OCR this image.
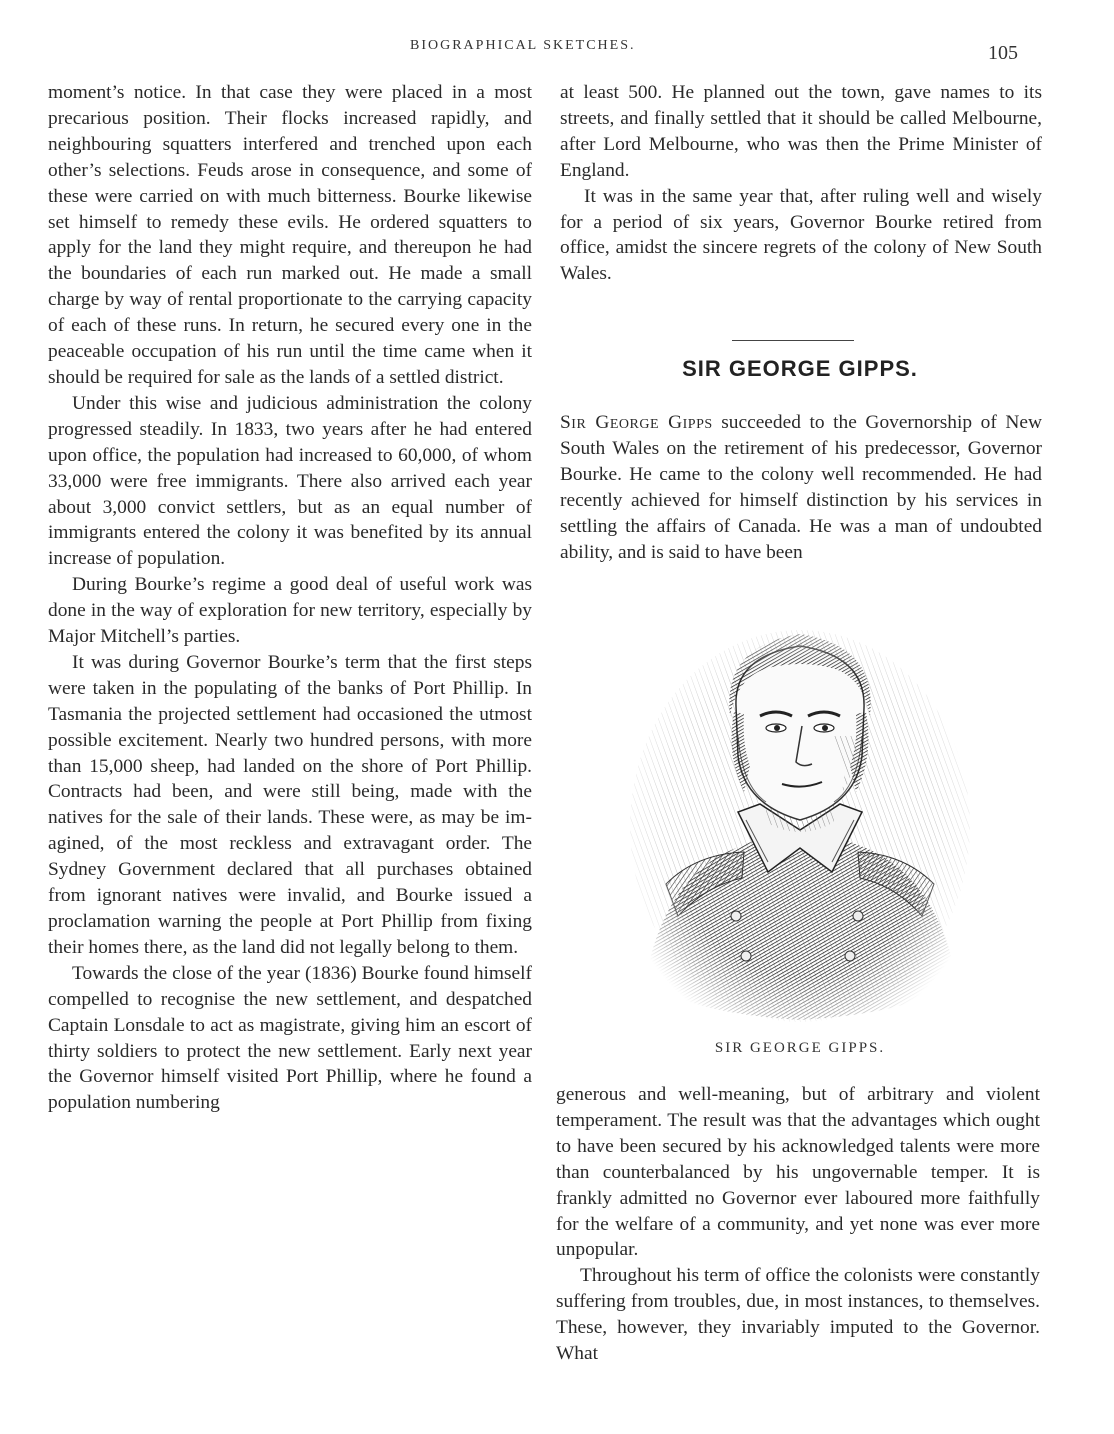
BIOGRAPHICAL SKETCHES.	105

moment’s notice. In that case they were placed in a most precarious position. Their flocks increased rapidly, and neighbouring squatters interfered and trenched upon each other’s selections. Feuds arose in consequence, and some of these were carried on with much bitterness. Bourke likewise set himself to remedy these evils. He ordered squatters to apply for the land they might require, and thereupon he had the boundaries of each run marked out. He made a small charge by way of rental proportionate to the carrying capacity of each of these runs. In return, he secured every one in the peaceable occupation of his run until the time came when it should be required for sale as the lands of a settled district.

Under this wise and judicious administration the colony progressed steadily. In 1833, two years after he had entered upon office, the population had increased to 60,000, of whom 33,000 were free immigrants. There also arrived each year about 3,000 convict settlers, but as an equal number of immigrants entered the colony it was benefited by its annual increase of population.

During Bourke’s regime a good deal of useful work was done in the way of exploration for new territory, especially by Major Mitchell’s parties.

It was during Governor Bourke’s term that the first steps were taken in the populating of the banks of Port Phillip. In Tasmania the projected settlement had occasioned the utmost possible excitement. Nearly two hundred persons, with more than 15,000 sheep, had landed on the shore of Port Phillip. Contracts had been, and were still being, made with the natives for the sale of their lands. These were, as may be imagined, of the most reckless and extravagant order. The Sydney Government declared that all purchases obtained from ignorant natives were invalid, and Bourke issued a proclamation warning the people at Port Phillip from fixing their homes there, as the land did not legally belong to them.

Towards the close of the year (1836) Bourke found himself compelled to recognise the new settlement, and despatched Captain Lonsdale to act as magistrate, giving him an escort of thirty soldiers to protect the new settlement. Early next year the Governor himself visited Port Phillip, where he found a population numbering

at least 500. He planned out the town, gave names to its streets, and finally settled that it should be called Melbourne, after Lord Melbourne, who was then the Prime Minister of England.

It was in the same year that, after ruling well and wisely for a period of six years, Governor Bourke retired from office, amidst the sincere regrets of the colony of New South Wales.

SIR GEORGE GIPPS.

Sir George Gipps succeeded to the Governorship of New South Wales on the retirement of his predecessor, Governor Bourke. He came to the colony well recommended. He had recently achieved for himself distinction by his services in settling the affairs of Canada. He was a man of undoubted ability, and is said to have been

SIR GEORGE GIPPS.

generous and well-meaning, but of arbitrary and violent temperament. The result was that the advantages which ought to have been secured by his acknowledged talents were more than counterbalanced by his ungovernable temper. It is frankly admitted no Governor ever laboured more faithfully for the welfare of a community, and yet none was ever more unpopular.

Throughout his term of office the colonists were constantly suffering from troubles, due, in most instances, to themselves. These, however, they invariably imputed to the Governor. What
